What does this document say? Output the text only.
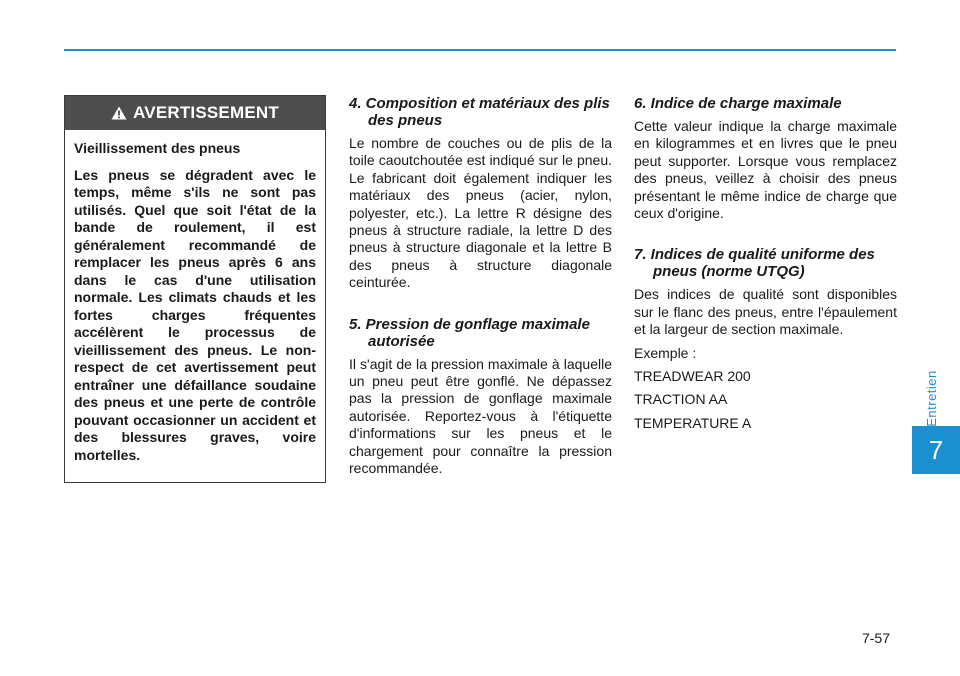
Entretien
7
AVERTISSEMENT

Vieillissement des pneus

Les pneus se dégradent avec le temps, même s'ils ne sont pas utilisés. Quel que soit l'état de la bande de roulement, il est généralement recommandé de remplacer les pneus après 6 ans dans le cas d'une utilisation normale. Les climats chauds et les fortes charges fréquentes accélèrent le processus de vieillissement des pneus. Le non-respect de cet avertissement peut entraîner une défaillance soudaine des pneus et une perte de contrôle pouvant occasionner un accident et des blessures graves, voire mortelles.

4. Composition et matériaux des plis des pneus

Le nombre de couches ou de plis de la toile caoutchoutée est indiqué sur le pneu. Le fabricant doit également indiquer les matériaux des pneus (acier, nylon, polyester, etc.). La lettre R désigne des pneus à structure radiale, la lettre D des pneus à structure diagonale et la lettre B des pneus à structure diagonale ceinturée.

5. Pression de gonflage maximale autorisée

Il s'agit de la pression maximale à laquelle un pneu peut être gonflé. Ne dépassez pas la pression de gonflage maximale autorisée. Reportez-vous à l'étiquette d'informations sur les pneus et le chargement pour connaître la pression recommandée.

6. Indice de charge maximale

Cette valeur indique la charge maximale en kilogrammes et en livres que le pneu peut supporter. Lorsque vous remplacez des pneus, veillez à choisir des pneus présentant le même indice de charge que ceux d'origine.

7. Indices de qualité uniforme des pneus (norme UTQG)

Des indices de qualité sont disponibles sur le flanc des pneus, entre l'épaulement et la largeur de section maximale.

Exemple :

TREADWEAR 200

TRACTION AA

TEMPERATURE A

7-57
